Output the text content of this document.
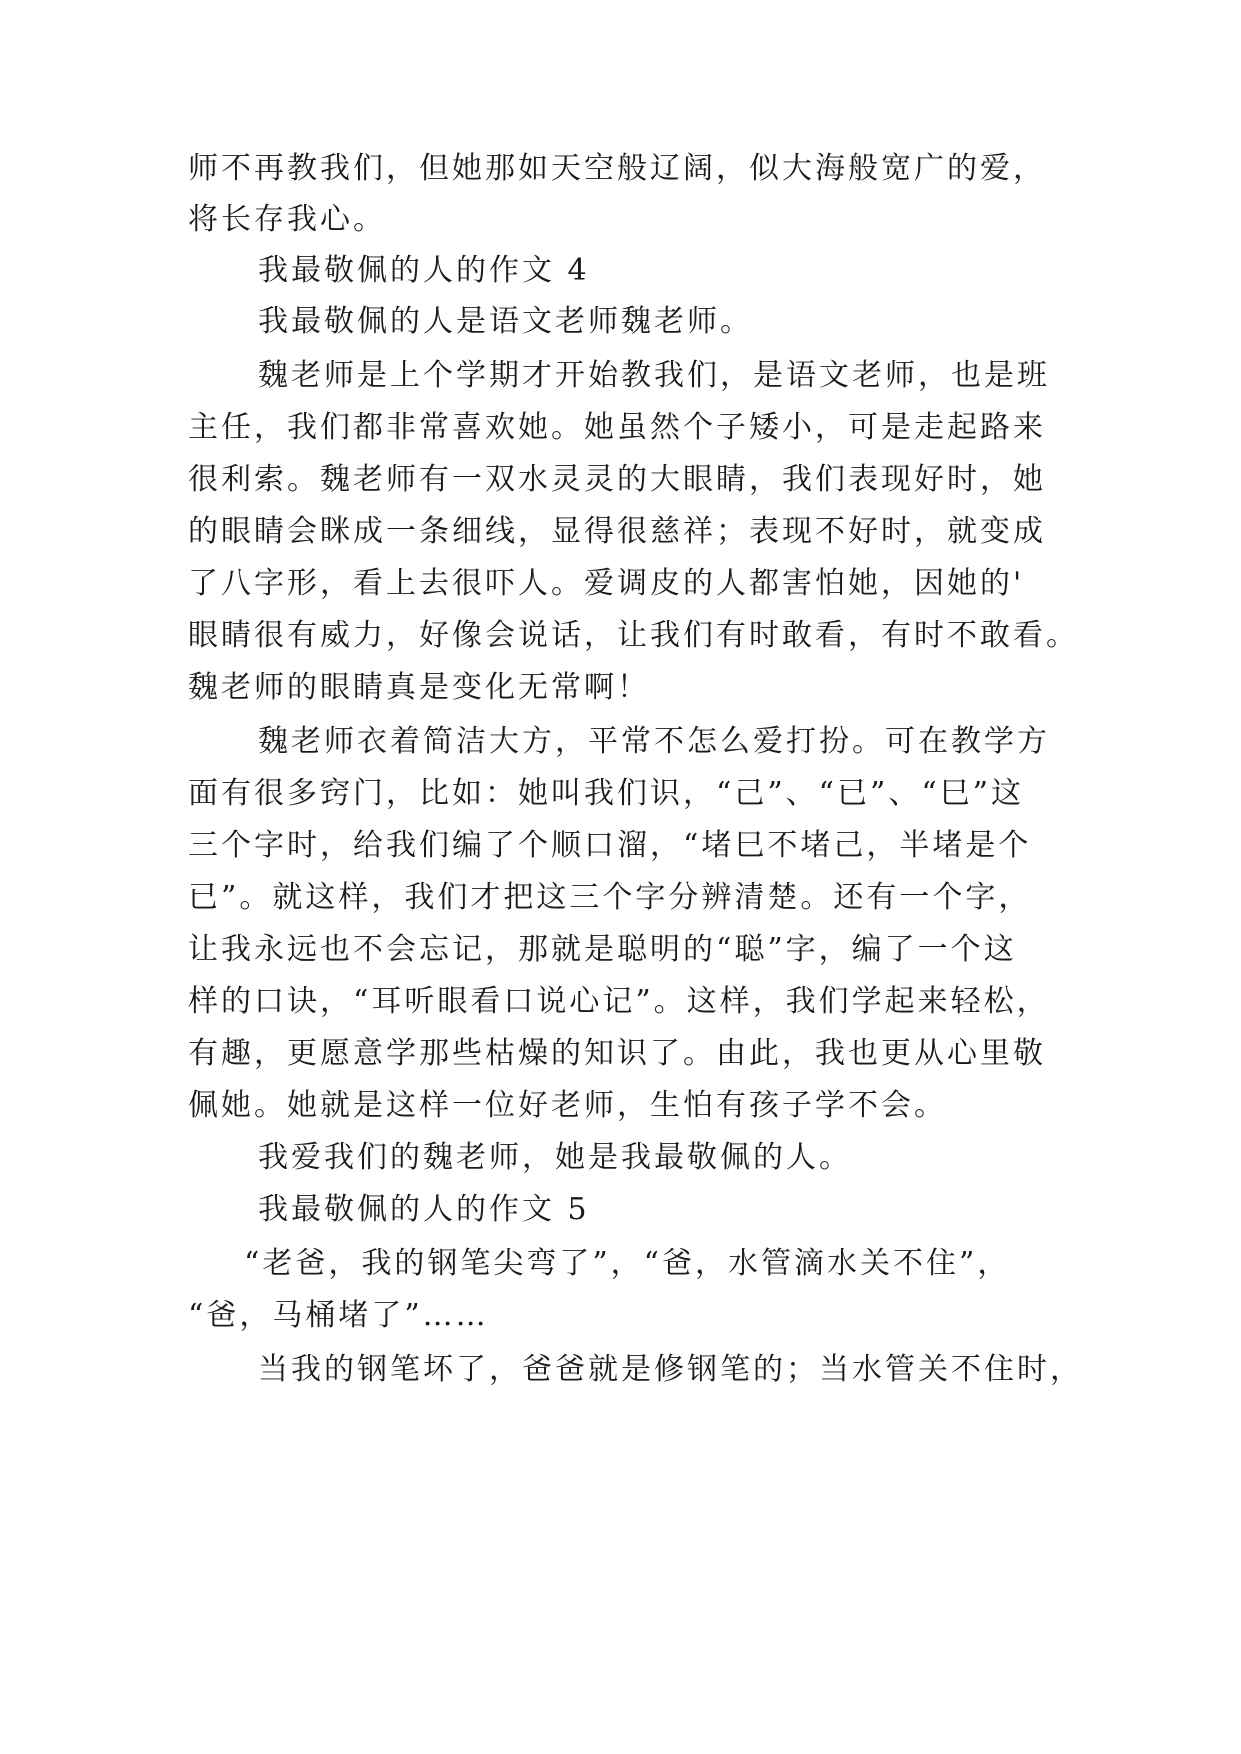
师不再教我们，但她那如天空般辽阔，似大海般宽广的爱，

将长存我心。

我最敬佩的人的作文 4

我最敬佩的人是语文老师魏老师。

魏老师是上个学期才开始教我们，是语文老师，也是班

主任，我们都非常喜欢她。她虽然个子矮小，可是走起路来

很利索。魏老师有一双水灵灵的大眼睛，我们表现好时，她

的眼睛会眯成一条细线，显得很慈祥；表现不好时，就变成

了八字形，看上去很吓人。爱调皮的人都害怕她，因她的'

眼睛很有威力，好像会说话，让我们有时敢看，有时不敢看。

魏老师的眼睛真是变化无常啊！

魏老师衣着简洁大方，平常不怎么爱打扮。可在教学方

面有很多窍门，比如：她叫我们识，“己”、“已”、“巳”这

三个字时，给我们编了个顺口溜，“堵巳不堵己，半堵是个

已”。就这样，我们才把这三个字分辨清楚。还有一个字，

让我永远也不会忘记，那就是聪明的“聪”字，编了一个这

样的口诀，“耳听眼看口说心记”。这样，我们学起来轻松，

有趣，更愿意学那些枯燥的知识了。由此，我也更从心里敬

佩她。她就是这样一位好老师，生怕有孩子学不会。

我爱我们的魏老师，她是我最敬佩的人。

我最敬佩的人的作文 5

“老爸，我的钢笔尖弯了”，“爸，水管滴水关不住”，

“爸，马桶堵了”……

当我的钢笔坏了，爸爸就是修钢笔的；当水管关不住时，
